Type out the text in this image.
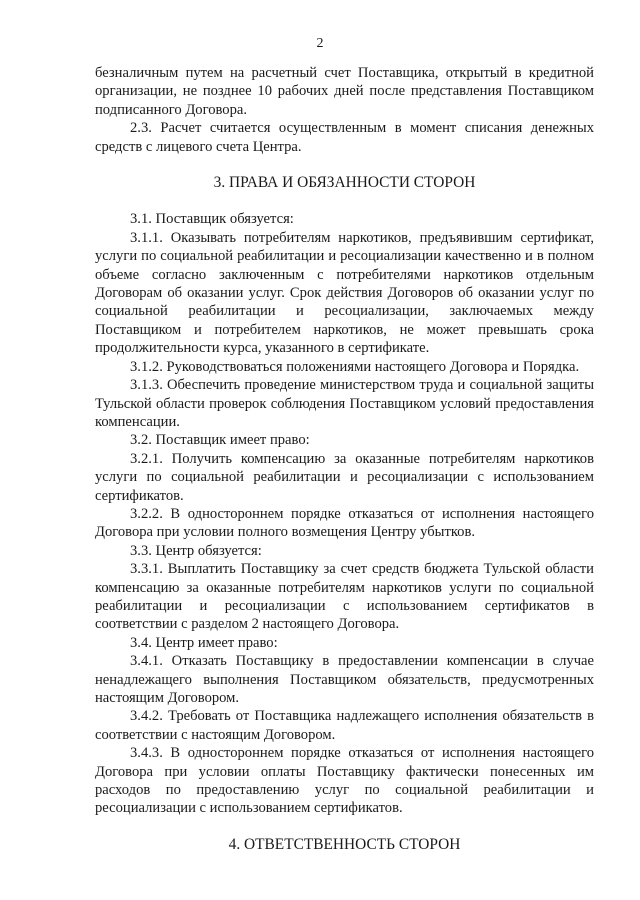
2

безналичным путем на расчетный счет Поставщика, открытый в кредитной организации, не позднее 10 рабочих дней после представления Поставщиком подписанного Договора.

2.3. Расчет считается осуществленным в момент списания денежных средств с лицевого счета Центра.

3. ПРАВА И ОБЯЗАННОСТИ СТОРОН

3.1. Поставщик обязуется:

3.1.1. Оказывать потребителям наркотиков, предъявившим сертификат, услуги по социальной реабилитации и ресоциализации качественно и в полном объеме согласно заключенным с потребителями наркотиков отдельным Договорам об оказании услуг. Срок действия Договоров об оказании услуг по социальной реабилитации и ресоциализации, заключаемых между Поставщиком и потребителем наркотиков, не может превышать срока продолжительности курса, указанного в сертификате.

3.1.2. Руководствоваться положениями настоящего Договора и Порядка.

3.1.3. Обеспечить проведение министерством труда и социальной защиты Тульской области проверок соблюдения Поставщиком условий предоставления компенсации.

3.2. Поставщик имеет право:

3.2.1. Получить компенсацию за оказанные потребителям наркотиков услуги по социальной реабилитации и ресоциализации с использованием сертификатов.

3.2.2. В одностороннем порядке отказаться от исполнения настоящего Договора при условии полного возмещения Центру убытков.

3.3. Центр обязуется:

3.3.1. Выплатить Поставщику за счет средств бюджета Тульской области компенсацию за оказанные потребителям наркотиков услуги по социальной реабилитации и ресоциализации с использованием сертификатов в соответствии с разделом 2 настоящего Договора.

3.4. Центр имеет право:

3.4.1. Отказать Поставщику в предоставлении компенсации в случае ненадлежащего выполнения Поставщиком обязательств, предусмотренных настоящим Договором.

3.4.2. Требовать от Поставщика надлежащего исполнения обязательств в соответствии с настоящим Договором.

3.4.3. В одностороннем порядке отказаться от исполнения настоящего Договора при условии оплаты Поставщику фактически понесенных им расходов по предоставлению услуг по социальной реабилитации и ресоциализации с использованием сертификатов.

4. ОТВЕТСТВЕННОСТЬ СТОРОН
